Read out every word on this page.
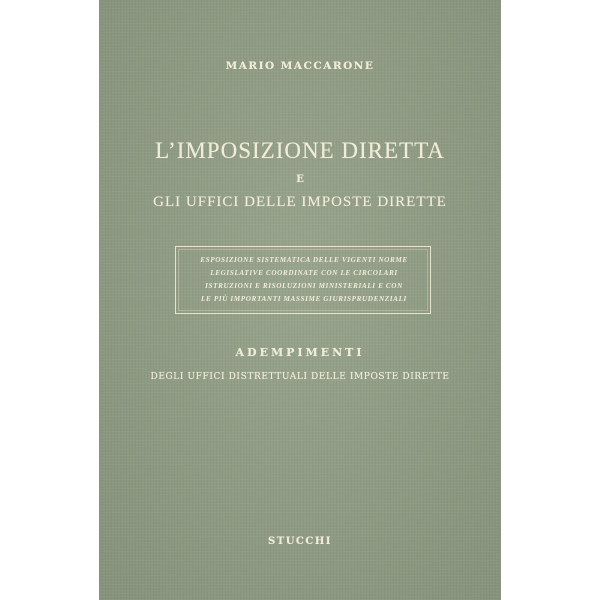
MARIO MACCARONE
L’IMPOSIZIONE DIRETTA
E
GLI UFFICI DELLE IMPOSTE DIRETTE
ESPOSIZIONE SISTEMATICA DELLE VIGENTI NORME
LEGISLATIVE COORDINATE CON LE CIRCOLARI
ISTRUZIONI E RISOLUZIONI MINISTERIALI E CON
LE PIÙ IMPORTANTI MASSIME GIURISPRUDENZIALI
ADEMPIMENTI
DEGLI UFFICI DISTRETTUALI DELLE IMPOSTE DIRETTE
STUCCHI
